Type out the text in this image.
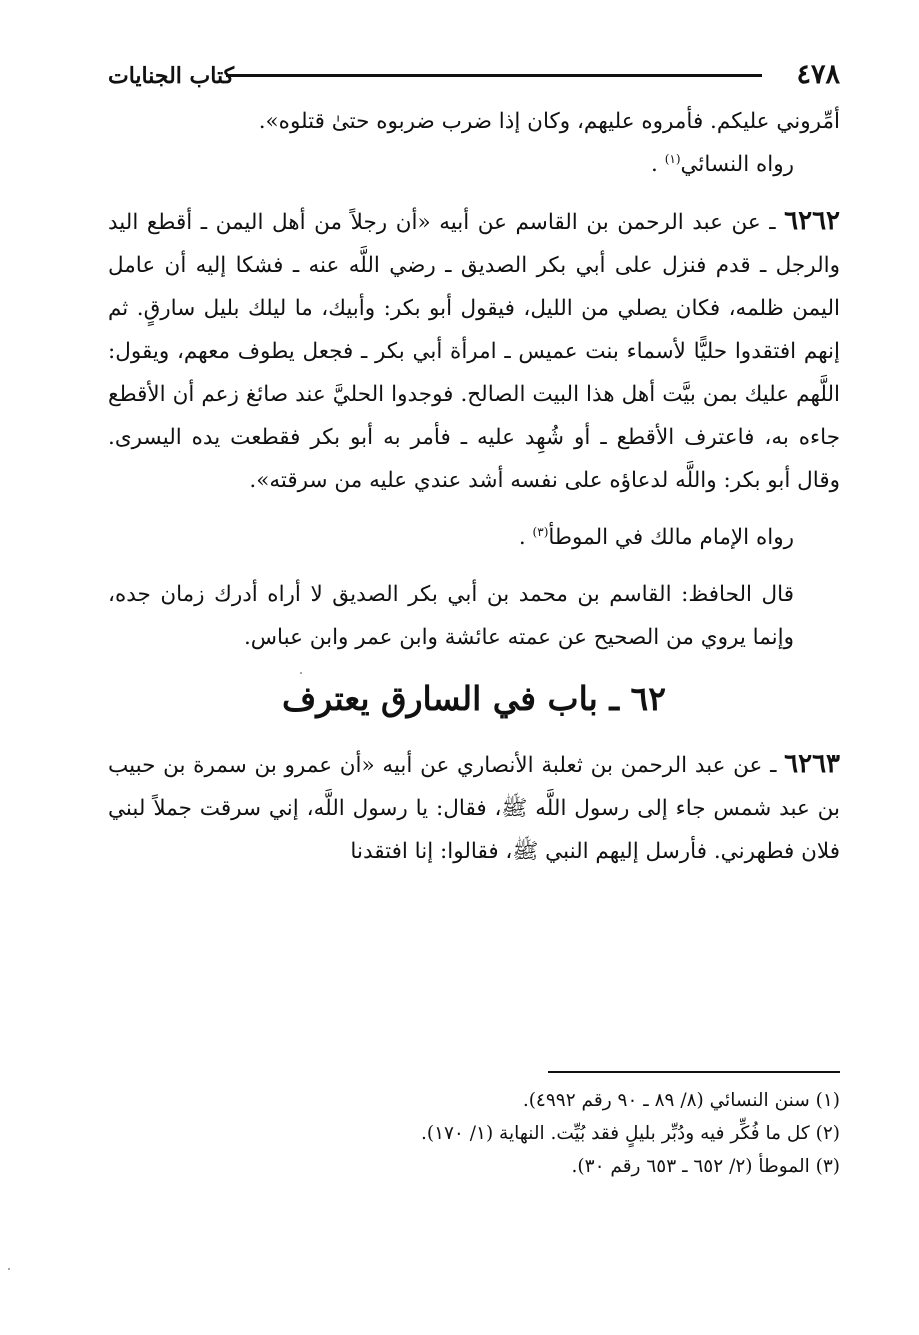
٤٧٨
كتاب الجنايات

أمِّروني عليكم. فأمروه عليهم، وكان إذا ضرب ضربوه حتىٰ قتلوه».

رواه النسائي$^{(١)}$ .

٦٢٦٢ ـ عن عبد الرحمن بن القاسم عن أبيه «أن رجلاً من أهل اليمن ـ أقطع اليد والرجل ـ قدم فنزل على أبي بكر الصديق ـ رضي اللَّه عنه ـ فشكا إليه أن عامل اليمن ظلمه، فكان يصلي من الليل، فيقول أبو بكر: وأبيك، ما ليلك بليل سارقٍ. ثم إنهم افتقدوا حليًّا لأسماء بنت عميس ـ امرأة أبي بكر ـ فجعل يطوف معهم، ويقول: اللَّهم عليك بمن بيَّت أهل هذا البيت الصالح. فوجدوا الحليَّ عند صائغ زعم أن الأقطع جاءه به، فاعترف الأقطع ـ أو شُهِد عليه ـ فأمر به أبو بكر فقطعت يده اليسرى. وقال أبو بكر: واللَّه لدعاؤه على نفسه أشد عندي عليه من سرقته».

رواه الإمام مالك في الموطأ$^{(٣)}$ .

قال الحافظ: القاسم بن محمد بن أبي بكر الصديق لا أراه أدرك زمان جده، وإنما يروي من الصحيح عن عمته عائشة وابن عمر وابن عباس.

٦٢ ـ باب في السارق يعترف

٦٢٦٣ ـ عن عبد الرحمن بن ثعلبة الأنصاري عن أبيه «أن عمرو بن سمرة بن حبيب بن عبد شمس جاء إلى رسول اللَّه ﷺ، فقال: يا رسول اللَّه، إني سرقت جملاً لبني فلان فطهرني. فأرسل إليهم النبي ﷺ، فقالوا: إنا افتقدنا

(١) سنن النسائي (٨/ ٨٩ ـ ٩٠ رقم ٤٩٩٢).

(٢) كل ما فُكِّر فيه ودُبِّر بليلٍ فقد بُيِّت. النهاية (١/ ١٧٠).

(٣) الموطأ (٢/ ٦٥٢ ـ ٦٥٣ رقم ٣٠).
